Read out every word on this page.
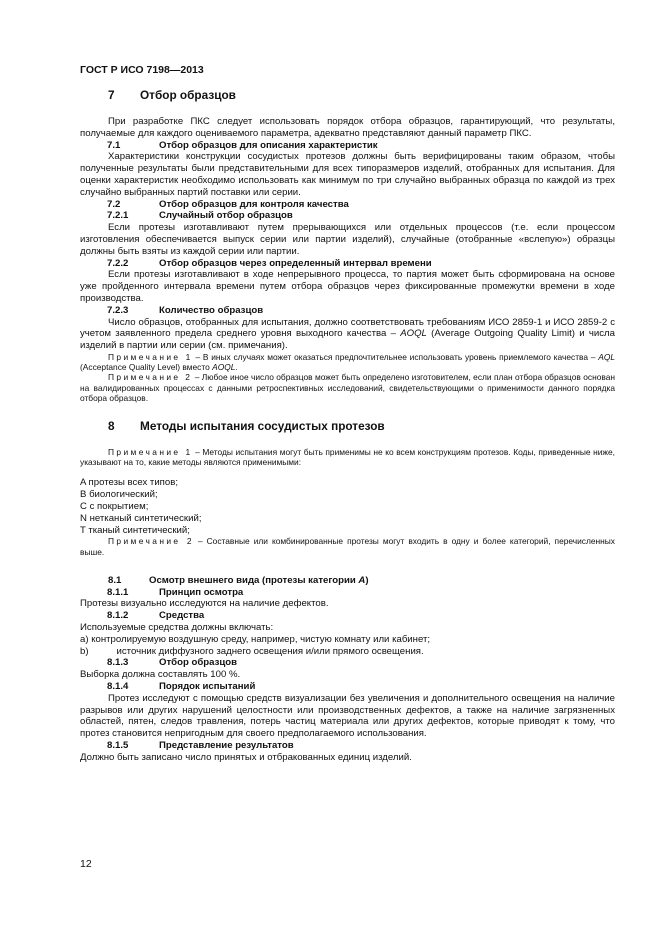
ГОСТ Р ИСО 7198—2013
7 Отбор образцов

При разработке ПКС следует использовать порядок отбора образцов, гарантирующий, что результаты, получаемые для каждого оцениваемого параметра, адекватно представляют данный параметр ПКС.

7.1	Отбор образцов для описания характеристик

Характеристики конструкции сосудистых протезов должны быть верифицированы таким образом, чтобы полученные результаты были представительными для всех типоразмеров изделий, отобранных для испытания. Для оценки характеристик необходимо использовать как минимум по три случайно выбранных образца по каждой из трех случайно выбранных партий поставки или серии.

7.2	Отбор образцов для контроля качества
7.2.1	Случайный отбор образцов

Если протезы изготавливают путем прерывающихся или отдельных процессов (т.е. если процессом изготовления обеспечивается выпуск серии или партии изделий), случайные (отобранные «вслепую») образцы должны быть взяты из каждой серии или партии.

7.2.2	Отбор образцов через определенный интервал времени

Если протезы изготавливают в ходе непрерывного процесса, то партия может быть сформирована на основе уже пройденного интервала времени путем отбора образцов через фиксированные промежутки времени в ходе производства.

7.2.3	Количество образцов

Число образцов, отобранных для испытания, должно соответствовать требованиям ИСО 2859-1 и ИСО 2859-2 с учетом заявленного предела среднего уровня выходного качества – AOQL (Average Outgoing Quality Limit) и числа изделий в партии или серии (см. примечания).

Примечание 1 – В иных случаях может оказаться предпочтительнее использовать уровень приемлемого качества – AQL (Acceptance Quality Level) вместо AOQL.

Примечание 2 – Любое иное число образцов может быть определено изготовителем, если план отбора образцов основан на валидированных процессах с данными ретроспективных исследований, свидетельствующими о применимости данного порядка отбора образцов.

8 Методы испытания сосудистых протезов

Примечание 1 – Методы испытания могут быть применимы не ко всем конструкциям протезов. Коды, приведенные ниже, указывают на то, какие методы являются применимыми:

A протезы всех типов;

B биологический;

C с покрытием;

N нетканый синтетический;

T тканый синтетический;

Примечание 2 – Составные или комбинированные протезы могут входить в одну и более категорий, перечисленных выше.

8.1	Осмотр внешнего вида (протезы категории A)
8.1.1	Принцип осмотра

Протезы визуально исследуются на наличие дефектов.

8.1.2	Средства

Используемые средства должны включать:

a) контролируемую воздушную среду, например, чистую комнату или кабинет;

b)	источник диффузного заднего освещения и/или прямого освещения.

8.1.3	Отбор образцов

Выборка должна составлять 100 %.

8.1.4	Порядок испытаний

Протез исследуют с помощью средств визуализации без увеличения и дополнительного освещения на наличие разрывов или других нарушений целостности или производственных дефектов, а также на наличие загрязненных областей, пятен, следов травления, потерь частиц материала или других дефектов, которые приводят к тому, что протез становится непригодным для своего предполагаемого использования.

8.1.5	Представление результатов

Должно быть записано число принятых и отбракованных единиц изделий.

12
